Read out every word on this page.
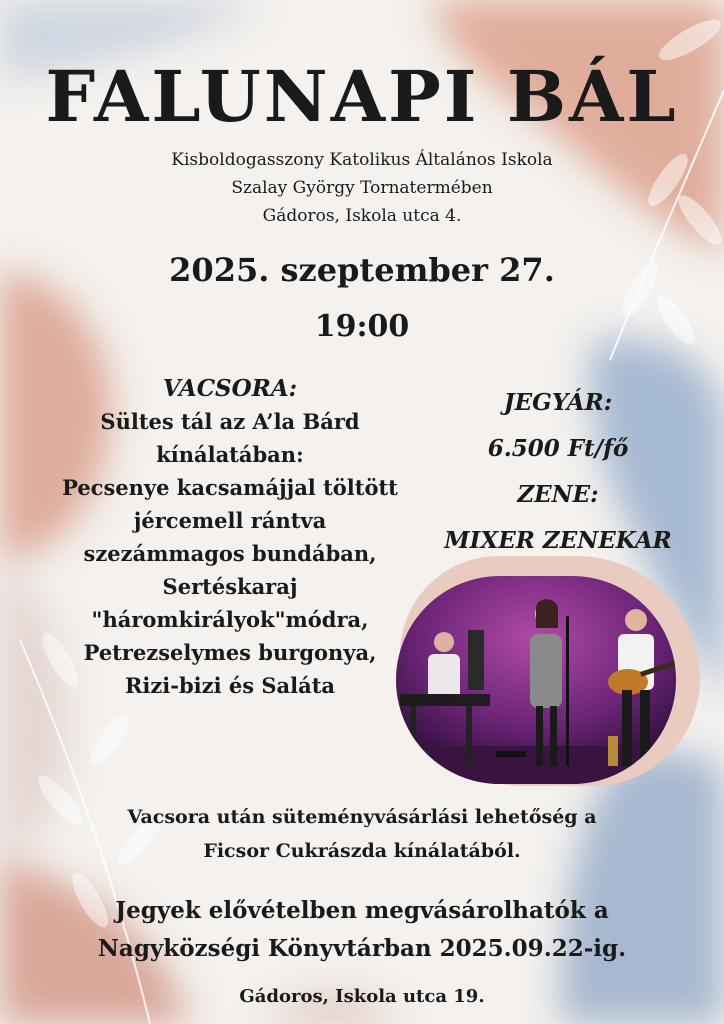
FALUNAPI BÁL
Kisboldogasszony Katolikus Általános Iskola
Szalay György Tornatermében
Gádoros, Iskola utca 4.
2025. szeptember 27.
19:00
VACSORA:
Sültes tál az A’la Bárd
kínálatában:
Pecsenye kacsamájjal töltött
jércemell rántva
szezámmagos bundában,
Sertéskaraj
"háromkirályok"módra,
Petrezselymes burgonya,
Rizi-bizi és Saláta
JEGYÁR:
6.500 Ft/fő
ZENE:
MIXER ZENEKAR
Vacsora után süteményvásárlási lehetőség a
Ficsor Cukrászda kínálatából.
Jegyek elővételben megvásárolhatók a
Nagyközségi Könyvtárban 2025.09.22-ig.
Gádoros, Iskola utca 19.
